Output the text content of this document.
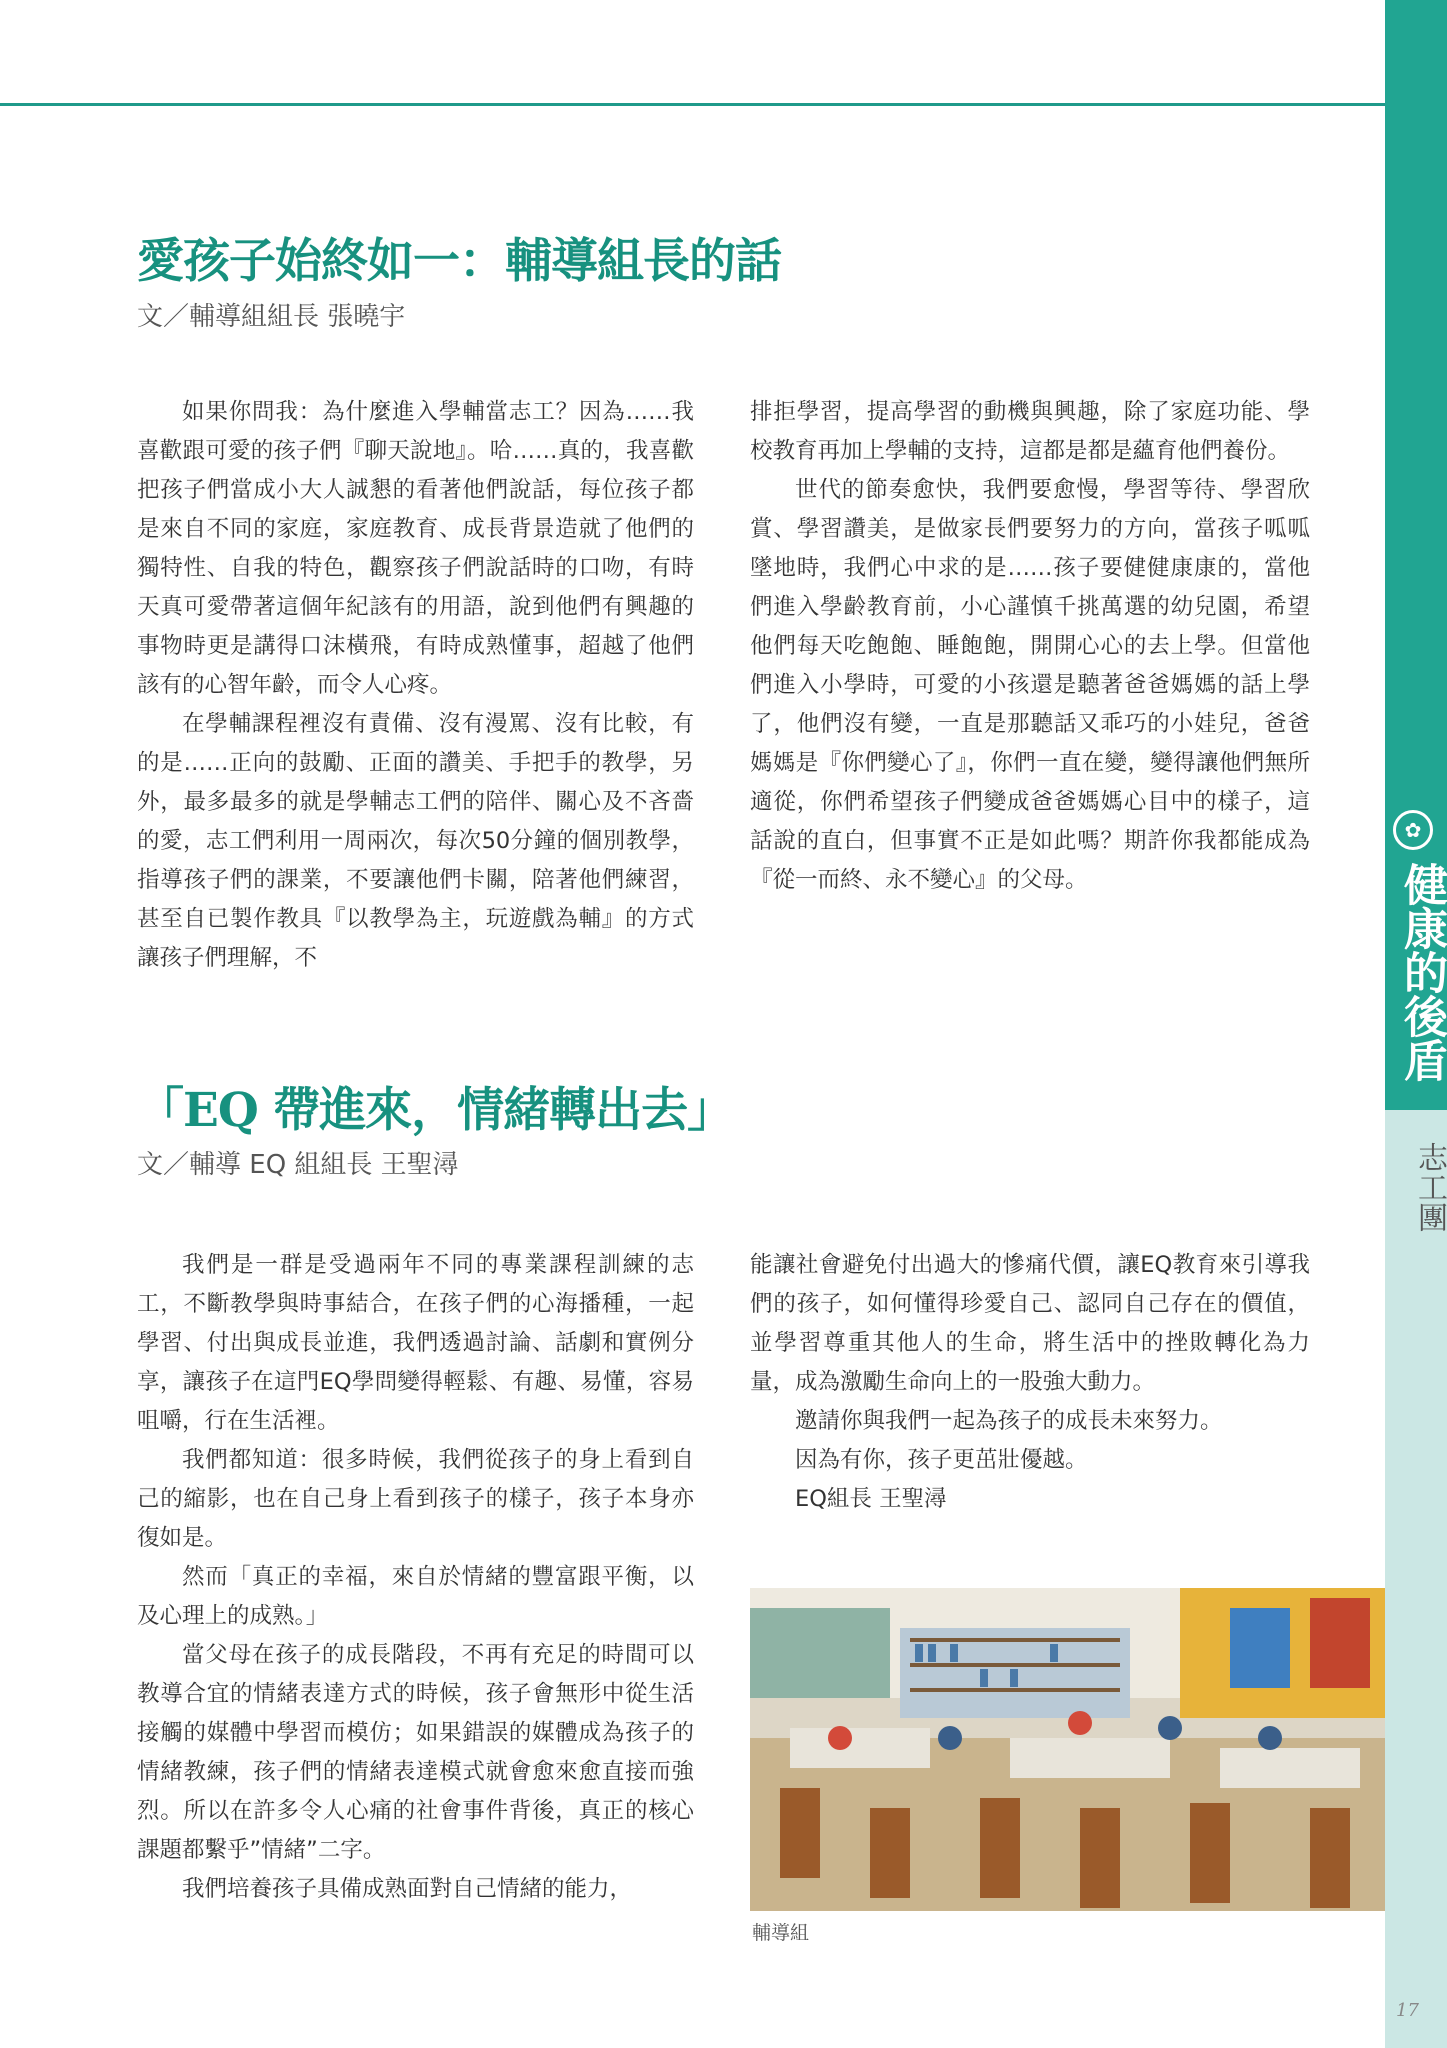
✿
健康的後盾
志工團
17
愛孩子始終如一：輔導組長的話
文／輔導組組長 張曉宇

如果你問我：為什麼進入學輔當志工？因為……我喜歡跟可愛的孩子們『聊天說地』。哈……真的，我喜歡把孩子們當成小大人誠懇的看著他們說話，每位孩子都是來自不同的家庭，家庭教育、成長背景造就了他們的獨特性、自我的特色，觀察孩子們說話時的口吻，有時天真可愛帶著這個年紀該有的用語，說到他們有興趣的事物時更是講得口沫橫飛，有時成熟懂事，超越了他們該有的心智年齡，而令人心疼。

在學輔課程裡沒有責備、沒有漫罵、沒有比較，有的是……正向的鼓勵、正面的讚美、手把手的教學，另外，最多最多的就是學輔志工們的陪伴、關心及不吝嗇的愛，志工們利用一周兩次，每次50分鐘的個別教學，指導孩子們的課業，不要讓他們卡關，陪著他們練習，甚至自已製作教具『以教學為主，玩遊戲為輔』的方式讓孩子們理解，不

排拒學習，提高學習的動機與興趣，除了家庭功能、學校教育再加上學輔的支持，這都是都是蘊育他們養份。

世代的節奏愈快，我們要愈慢，學習等待、學習欣賞、學習讚美，是做家長們要努力的方向，當孩子呱呱墜地時，我們心中求的是……孩子要健健康康的，當他們進入學齡教育前，小心謹慎千挑萬選的幼兒園，希望他們每天吃飽飽、睡飽飽，開開心心的去上學。但當他們進入小學時，可愛的小孩還是聽著爸爸媽媽的話上學了，他們沒有變，一直是那聽話又乖巧的小娃兒，爸爸媽媽是『你們變心了』，你們一直在變，變得讓他們無所適從，你們希望孩子們變成爸爸媽媽心目中的樣子，這話說的直白，但事實不正是如此嗎？期許你我都能成為『從一而終、永不變心』的父母。

「EQ 帶進來，情緒轉出去」
文／輔導 EQ 組組長 王聖潯

我們是一群是受過兩年不同的專業課程訓練的志工，不斷教學與時事結合，在孩子們的心海播種，一起學習、付出與成長並進，我們透過討論、話劇和實例分享，讓孩子在這門EQ學問變得輕鬆、有趣、易懂，容易咀嚼，行在生活裡。

我們都知道：很多時候，我們從孩子的身上看到自己的縮影，也在自己身上看到孩子的樣子，孩子本身亦復如是。

然而「真正的幸福，來自於情緒的豐富跟平衡，以及心理上的成熟。」

當父母在孩子的成長階段，不再有充足的時間可以教導合宜的情緒表達方式的時候，孩子會無形中從生活接觸的媒體中學習而模仿；如果錯誤的媒體成為孩子的情緒教練，孩子們的情緒表達模式就會愈來愈直接而強烈。所以在許多令人心痛的社會事件背後，真正的核心課題都繫乎”情緒”二字。

我們培養孩子具備成熟面對自己情緒的能力，

能讓社會避免付出過大的慘痛代價，讓EQ教育來引導我們的孩子，如何懂得珍愛自己、認同自己存在的價值，並學習尊重其他人的生命，將生活中的挫敗轉化為力量，成為激勵生命向上的一股強大動力。

邀請你與我們一起為孩子的成長未來努力。

因為有你，孩子更茁壯優越。

EQ組長 王聖潯

輔導組
